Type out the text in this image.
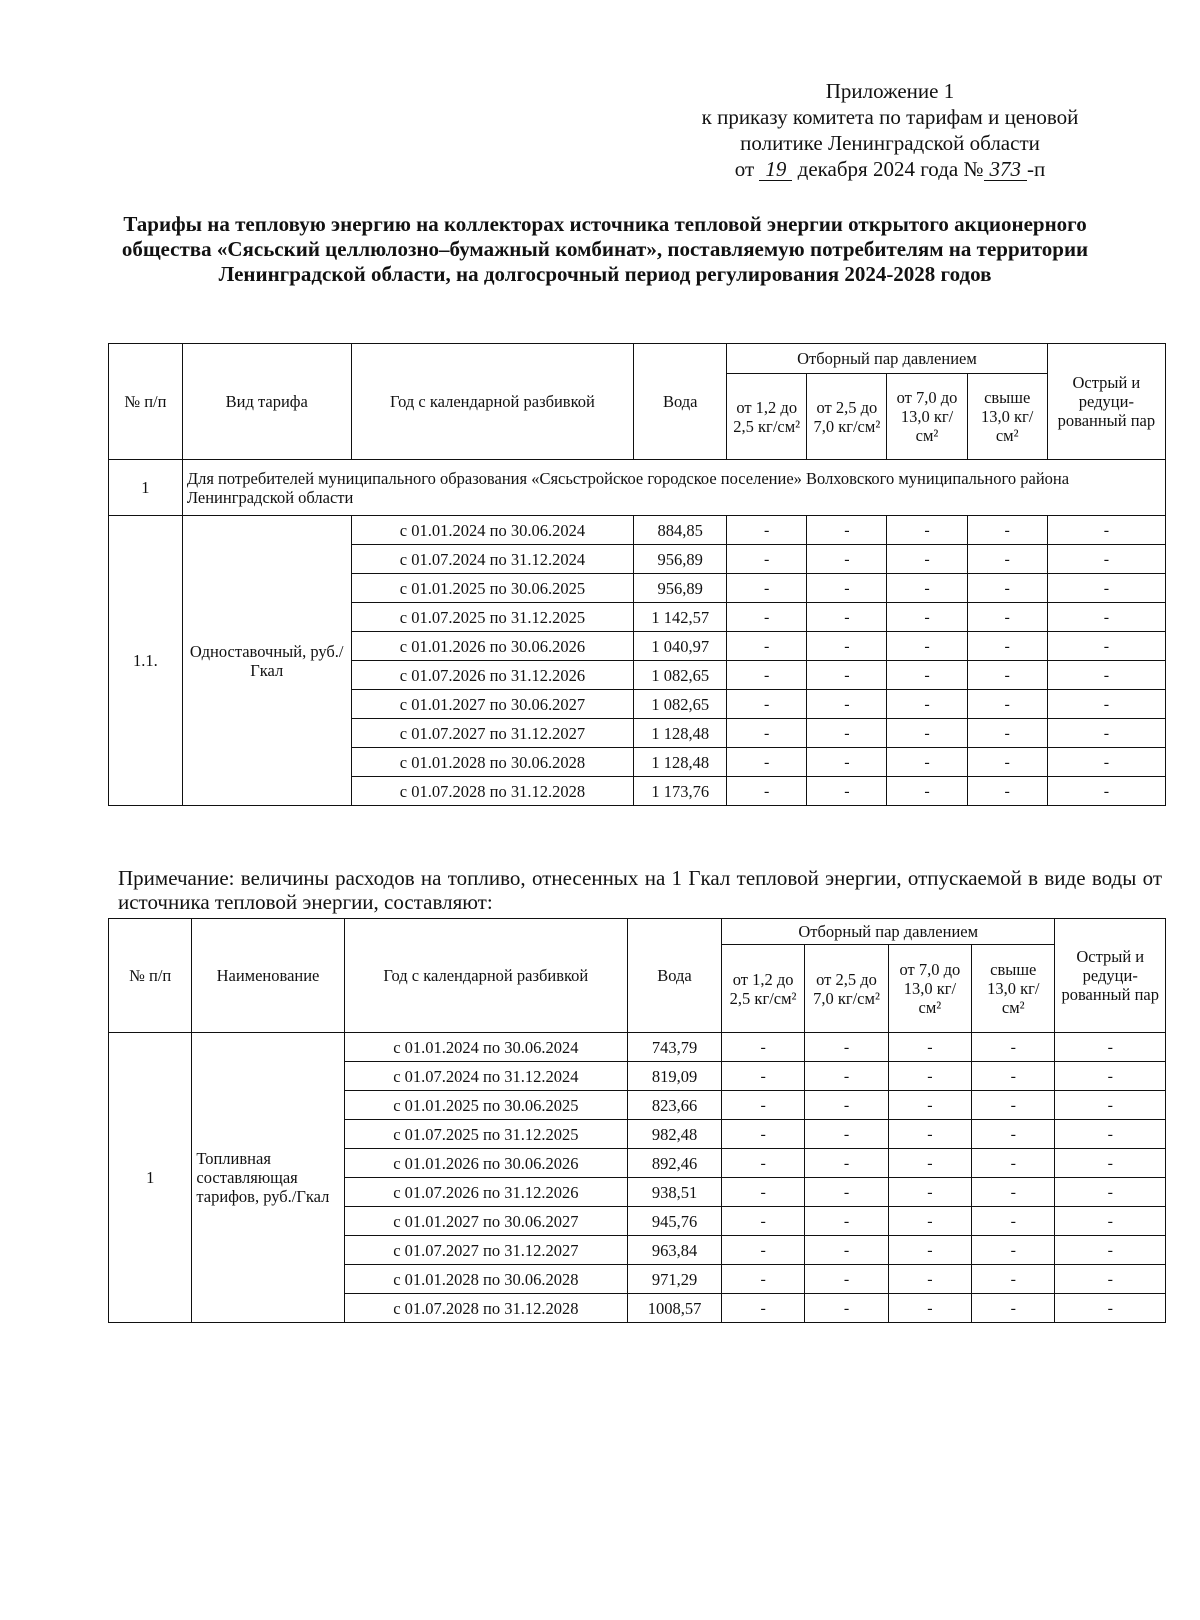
Приложение 1
к приказу комитета по тарифам и ценовой
политике Ленинградской области
от 19 декабря 2024 года № 373 -п
Тарифы на тепловую энергию на коллекторах источника тепловой энергии открытого акционерного общества «Сясьский целлюлозно–бумажный комбинат», поставляемую потребителям на территории Ленинградской области, на долгосрочный период регулирования 2024-2028 годов
№ п/п	Вид тарифа	Год с календарной разбивкой	Вода	Отборный пар давлением				Острый и редуци-рованный пар
				от 1,2 до 2,5 кг/см²	от 2,5 до 7,0 кг/см²	от 7,0 до 13,0 кг/см²	свыше 13,0 кг/см²	
1	Для потребителей муниципального образования «Сясьстройское городское поселение» Волховского муниципального района Ленинградской области							
1.1.	Одноставочный, руб./Гкал	с 01.01.2024 по 30.06.2024	884,85	-	-	-	-	-
		с 01.07.2024 по 31.12.2024	956,89	-	-	-	-	-
		с 01.01.2025 по 30.06.2025	956,89	-	-	-	-	-
		с 01.07.2025 по 31.12.2025	1 142,57	-	-	-	-	-
		с 01.01.2026 по 30.06.2026	1 040,97	-	-	-	-	-
		с 01.07.2026 по 31.12.2026	1 082,65	-	-	-	-	-
		с 01.01.2027 по 30.06.2027	1 082,65	-	-	-	-	-
		с 01.07.2027 по 31.12.2027	1 128,48	-	-	-	-	-
		с 01.01.2028 по 30.06.2028	1 128,48	-	-	-	-	-
		с 01.07.2028 по 31.12.2028	1 173,76	-	-	-	-	-
Примечание: величины расходов на топливо, отнесенных на 1 Гкал тепловой энергии, отпускаемой в виде воды от источника тепловой энергии, составляют:
№ п/п	Наименование	Год с календарной разбивкой	Вода	Отборный пар давлением				Острый и редуци-рованный пар
				от 1,2 до 2,5 кг/см²	от 2,5 до 7,0 кг/см²	от 7,0 до 13,0 кг/см²	свыше 13,0 кг/см²	
1	Топливная составляющая тарифов, руб./Гкал	с 01.01.2024 по 30.06.2024	743,79	-	-	-	-	-
		с 01.07.2024 по 31.12.2024	819,09	-	-	-	-	-
		с 01.01.2025 по 30.06.2025	823,66	-	-	-	-	-
		с 01.07.2025 по 31.12.2025	982,48	-	-	-	-	-
		с 01.01.2026 по 30.06.2026	892,46	-	-	-	-	-
		с 01.07.2026 по 31.12.2026	938,51	-	-	-	-	-
		с 01.01.2027 по 30.06.2027	945,76	-	-	-	-	-
		с 01.07.2027 по 31.12.2027	963,84	-	-	-	-	-
		с 01.01.2028 по 30.06.2028	971,29	-	-	-	-	-
		с 01.07.2028 по 31.12.2028	1008,57	-	-	-	-	-
